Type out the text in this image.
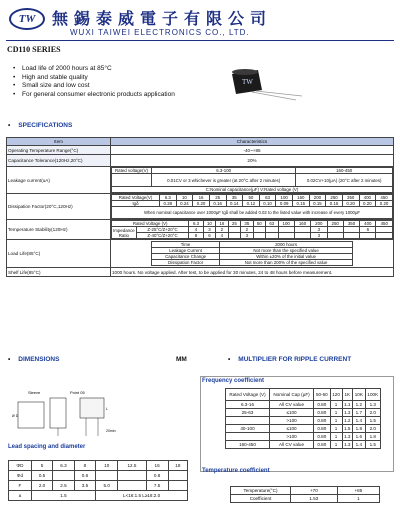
TW	無錫泰威電子有限公司
WUXI TAIWEI ELECTRONICS CO., LTD.
CD110 SERIES
• Load life of 2000 hours at 85°C
• High and stable quality
• Small size and low cost
• For general consumer electronic products application
TW
• SPECIFICATIONS
Item	Characteristics
Operating Temperature Range(°C)	-40~+85
Capacitance Tolerance(120Hz,20°C)	20%
Leakage current(uA)	
Rated voltage(V)	6.3-100	160-450
	0.01CV or 3 whichever is greater (at 20°C after 2 minutes)	0.02CV+10(μA) (20°C after 2 minutes)
C:Nominal capacitance(μF) V:Rated voltage (V)

Dissipation Factor(20°C,120Hz)	
Rated Voltage(V)	6.3	10	16	25	35	50	63	100	160	200	250	350	400	450
tgδ	0.28	0.24	0.20	0.16	0.14	0.12	0.10	0.09	0.15	0.15	0.15	0.20	0.20	0.20
When nominal capacitance over 1000μF tgδ shall be added 0.02 to the listed value with increase of every 1000μF

Temperature Stability(120Hz)	
Rated Voltage (V)	6.3	10	16	25	35	50	63	100	160	200	250	350	400	450
Impedance Ratio	Z-25°C/Z+20°C	4	3	2		2					3			6	
Z-40°C/Z+20°C	8	6	4		3					3				

Load Life(85°C)	
Time	2000 hours
Leakage Current	Not more than the specified value
Capacitance Change	Within ±20% of the initial value
Dissipation Factor	Not more than 200% of the specified value

Shelf Life(85°C)	1000 hours. No voltage applied. After test, to be applied for 30 minutes, 24 to 48 hours before measurement.
• DIMENSIONS	MM	• MULTIPLIER FOR RIPPLE CURRENT
Sleeve	Point 05
Ø D
L
20min
Lead spacing and diameter
ΦD	5	6.3	8	10	12.5	16	18
Φd	0.5		0.6			0.8	
F	2.0	2.5	3.5	5.0		7.5	
a	1.5			L<16:1.5 L≥16:2.0			
Frequency coefficient
Rated Voltage (V)	Nominal Cap (μF)	50-60	120	1K	10K	100K
6.3-16	All CV value	0.80	1	1.1	1.2	1.3
25-63	≤100	0.80	1	1.3	1.7	2.0
	>100	0.80	1	1.2	1.4	1.5
40-100	≤100	0.80	1	1.5	1.8	2.0
	>100	0.80	1	1.3	1.6	1.8
160-450	All CV value	0.80	1	1.3	1.4	1.5
Temperature coefficient
Temperature(°C)	+70	+85
Coefficient	1.53	1
